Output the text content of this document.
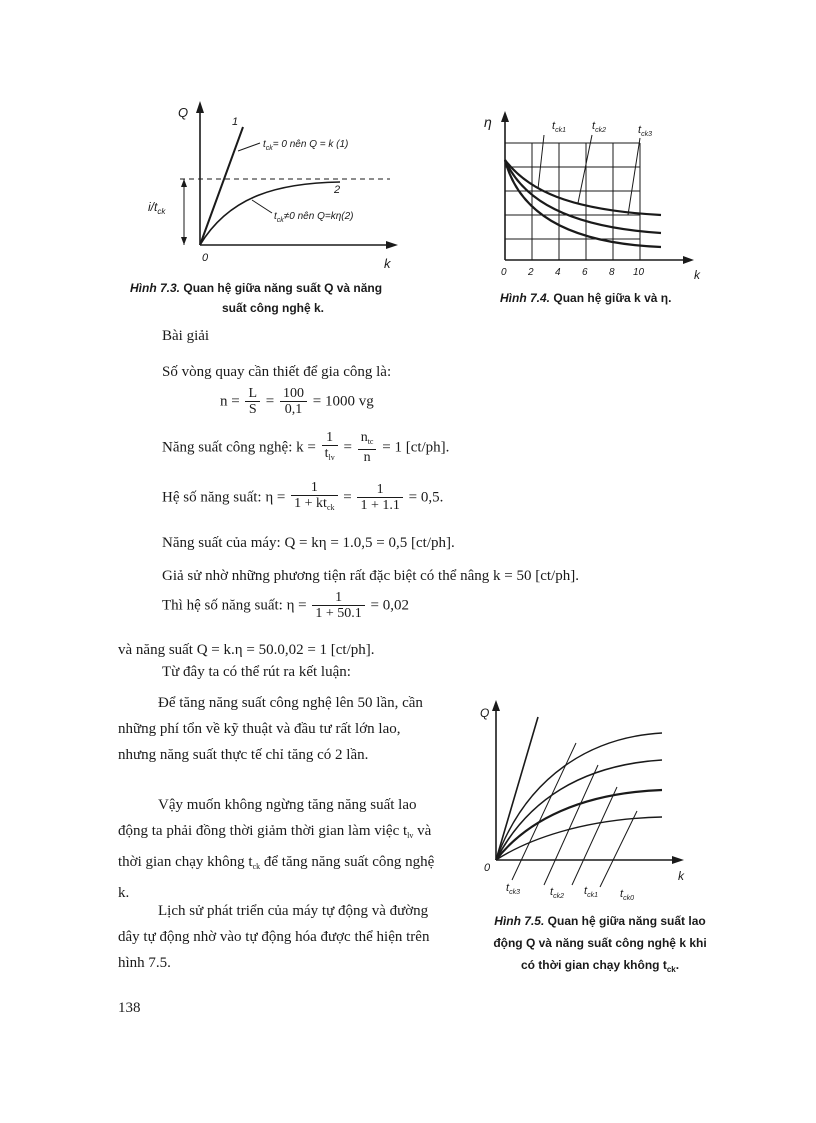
Q
k
0
$i/t_{ck}$
1
2
$t_{ck}= 0$ nên Q = k (1)
$t_{ck}\ne 0$ nên Q=kη(2)
Hình 7.3. Quan hệ giữa năng suất Q và năng
suất công nghệ k.
η
k
0 2 4 6 8 10
$t_{ck1}$ $t_{ck2}$	$t_{ck3}$
Hình 7.4. Quan hệ giữa k và η.
Bài giải
Số vòng quay cần thiết để gia công là:
$n = \frac{L}{S} = \frac{100}{0,1} = 1000$ vg
Năng suất công nghệ: $k = \frac{1}{t_{lv}} = \frac{n_{tc}}{n} = 1$ [ct/ph].
Hệ số năng suất: $\eta = \frac{1}{1 + kt_{ck}} = \frac{1}{1 + 1.1} = 0,5$.
Năng suất của máy: Q = kη = 1.0,5 = 0,5 [ct/ph].
Giả sử nhờ những phương tiện rất đặc biệt có thể nâng k = 50 [ct/ph].
Thì hệ số năng suất: $\eta = \frac{1}{1 + 50.1} = 0,02$
và năng suất Q = k.η = 50.0,02 = 1 [ct/ph].
Từ đây ta có thể rút ra kết luận:
Để tăng năng suất công nghệ lên 50 lần, cần những phí tổn về kỹ thuật và đầu tư rất lớn lao, nhưng năng suất thực tế chỉ tăng có 2 lần.
Vậy muốn không ngừng tăng năng suất lao động ta phải đồng thời giảm thời gian làm việc $t_{lv}$ và thời gian chạy không $t_{ck}$ để tăng năng suất công nghệ k.
Lịch sử phát triển của máy tự động và đường dây tự động nhờ vào tự động hóa được thể hiện trên hình 7.5.
Q
k
0
$t_{ck3}$	$t_{ck2}$ $t_{ck1}$ $t_{ck0}$
Hình 7.5. Quan hệ giữa năng suất lao
động Q và năng suất công nghệ k khi
có thời gian chạy không $t_{ck}$.
138
